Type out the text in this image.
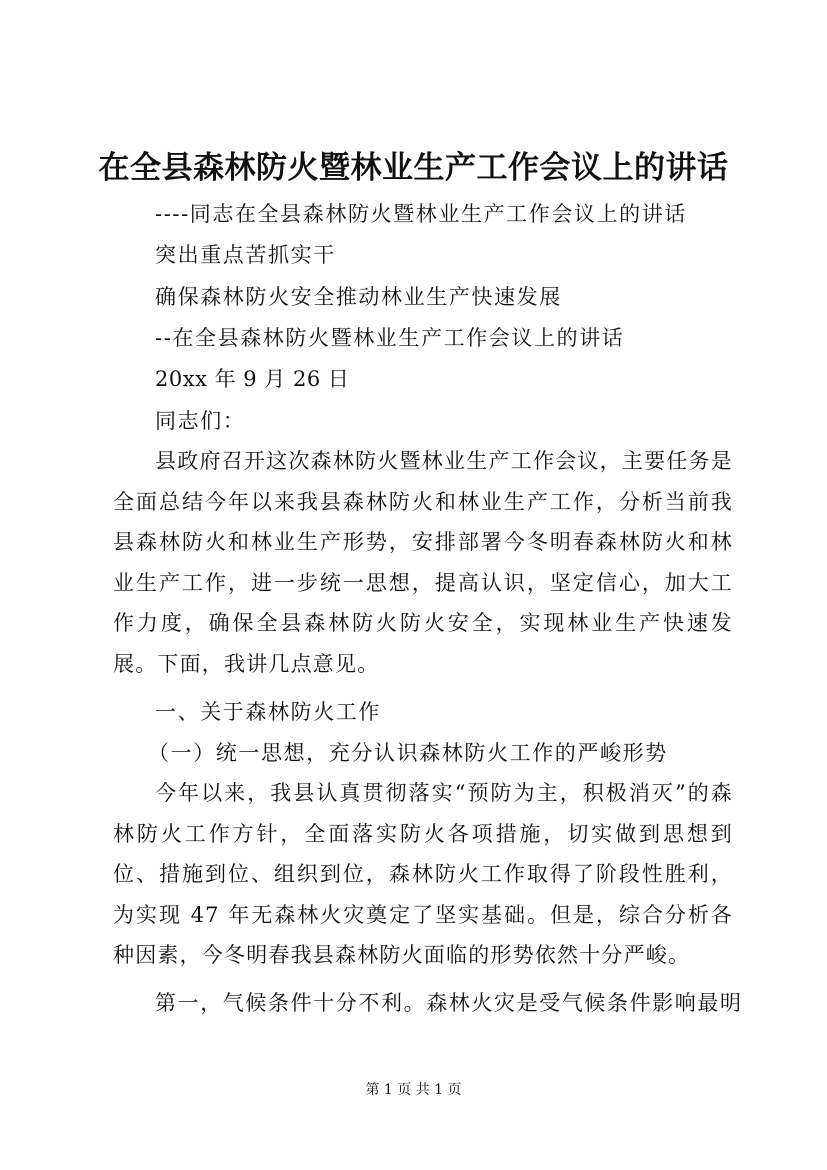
在全县森林防火暨林业生产工作会议上的讲话
----同志在全县森林防火暨林业生产工作会议上的讲话
突出重点苦抓实干
确保森林防火安全推动林业生产快速发展
--在全县森林防火暨林业生产工作会议上的讲话
20xx 年 9 月 26 日
同志们：

县政府召开这次森林防火暨林业生产工作会议，主要任务是全面总结今年以来我县森林防火和林业生产工作，分析当前我县森林防火和林业生产形势，安排部署今冬明春森林防火和林业生产工作，进一步统一思想，提高认识，坚定信心，加大工作力度，确保全县森林防火防火安全，实现林业生产快速发展。下面，我讲几点意见。

一、关于森林防火工作
（一）统一思想，充分认识森林防火工作的严峻形势

今年以来，我县认真贯彻落实“预防为主，积极消灭”的森林防火工作方针，全面落实防火各项措施，切实做到思想到位、措施到位、组织到位，森林防火工作取得了阶段性胜利，为实现 47 年无森林火灾奠定了坚实基础。但是，综合分析各种因素，今冬明春我县森林防火面临的形势依然十分严峻。

第一，气候条件十分不利。森林火灾是受气候条件影响最明
第 1 页 共 1 页
